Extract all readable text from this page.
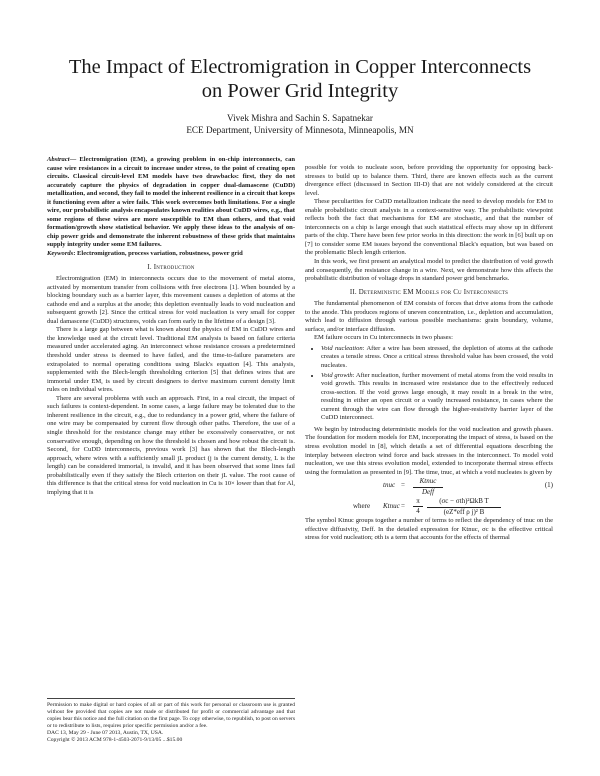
The Impact of Electromigration in Copper Interconnects
on Power Grid Integrity
Vivek Mishra and Sachin S. Sapatnekar
ECE Department, University of Minnesota, Minneapolis, MN
Abstract— Electromigration (EM), a growing problem in on-chip interconnects, can cause wire resistances in a circuit to increase under stress, to the point of creating open circuits. Classical circuit-level EM models have two drawbacks: first, they do not accurately capture the physics of degradation in copper dual-damascene (CuDD) metallization, and second, they fail to model the inherent resilience in a circuit that keeps it functioning even after a wire fails. This work overcomes both limitations. For a single wire, our probabilistic analysis encapsulates known realities about CuDD wires, e.g., that some regions of these wires are more susceptible to EM than others, and that void formation/growth show statistical behavior. We apply these ideas to the analysis of on-chip power grids and demonstrate the inherent robustness of these grids that maintains supply integrity under some EM failures.
Keywords: Electromigration, process variation, robustness, power grid
I. Introduction

Electromigration (EM) in interconnects occurs due to the movement of metal atoms, activated by momentum transfer from collisions with free electrons [1]. When bounded by a blocking boundary such as a barrier layer, this movement causes a depletion of atoms at the cathode end and a surplus at the anode; this depletion eventually leads to void nucleation and subsequent growth [2]. Since the critical stress for void nucleation is very small for copper dual damascene (CuDD) structures, voids can form early in the lifetime of a design [3].

There is a large gap between what is known about the physics of EM in CuDD wires and the knowledge used at the circuit level. Traditional EM analysis is based on failure criteria measured under accelerated aging. An interconnect whose resistance crosses a predetermined threshold under stress is deemed to have failed, and the time-to-failure parameters are extrapolated to normal operating conditions using Black's equation [4]. This analysis, supplemented with the Blech-length thresholding criterion [5] that defines wires that are immortal under EM, is used by circuit designers to derive maximum current density limit rules on individual wires.

There are several problems with such an approach. First, in a real circuit, the impact of such failures is context-dependent. In some cases, a large failure may be tolerated due to the inherent resilience in the circuit, e.g., due to redundancy in a power grid, where the failure of one wire may be compensated by current flow through other paths. Therefore, the use of a single threshold for the resistance change may either be excessively conservative, or not conservative enough, depending on how the threshold is chosen and how robust the circuit is. Second, for CuDD interconnects, previous work [3] has shown that the Blech-length approach, where wires with a sufficiently small jL product (j is the current density, L is the length) can be considered immortal, is invalid, and it has been observed that some lines fail probabilistically even if they satisfy the Blech criterion on their jL value. The root cause of this difference is that the critical stress for void nucleation in Cu is 10× lower than that for Al, implying that it is

Permission to make digital or hard copies of all or part of this work for personal or classroom use is granted without fee provided that copies are not made or distributed for profit or commercial advantage and that copies bear this notice and the full citation on the first page. To copy otherwise, to republish, to post on servers or to redistribute to lists, requires prior specific permission and/or a fee.
DAC 13, May 29 - June 07 2013, Austin, TX, USA.
Copyright © 2013 ACM 978-1-4503-2071-9/13/05 ...$15.00

possible for voids to nucleate soon, before providing the opportunity for opposing back-stresses to build up to balance them. Third, there are known effects such as the current divergence effect (discussed in Section III-D) that are not widely considered at the circuit level.

These peculiarities for CuDD metallization indicate the need to develop models for EM to enable probabilistic circuit analysis in a context-sensitive way. The probabilistic viewpoint reflects both the fact that mechanisms for EM are stochastic, and that the number of interconnects on a chip is large enough that such statistical effects may show up in different parts of the chip. There have been few prior works in this direction: the work in [6] built up on [7] to consider some EM issues beyond the conventional Black's equation, but was based on the problematic Blech length criterion.

In this work, we first present an analytical model to predict the distribution of void growth and consequently, the resistance change in a wire. Next, we demonstrate how this affects the probabilistic distribution of voltage drops in standard power grid benchmarks.

II. Deterministic EM Models for Cu Interconnects

The fundamental phenomenon of EM consists of forces that drive atoms from the cathode to the anode. This produces regions of uneven concentration, i.e., depletion and accumulation, which lead to diffusion through various possible mechanisms: grain boundary, volume, surface, and/or interface diffusion.

EM failure occurs in Cu interconnects in two phases:

• Void nucleation: After a wire has been stressed, the depletion of atoms at the cathode creates a tensile stress. Once a critical stress threshold value has been crossed, the void nucleates.
• Void growth: After nucleation, further movement of metal atoms from the void results in void growth. This results in increased wire resistance due to the effectively reduced cross-section. If the void grows large enough, it may result in a break in the wire, resulting in either an open circuit or a vastly increased resistance, in cases where the current through the wire can flow through the higher-resistivity barrier layer of the CuDD interconnect.

We begin by introducing deterministic models for the void nucleation and growth phases. The foundation for modern models for EM, incorporating the impact of stress, is based on the stress evolution model in [8], which details a set of differential equations describing the interplay between electron wind force and back stresses in the interconnect. To model void nucleation, we use this stress evolution model, extended to incorporate thermal stress effects using the formulation as presented in [9]. The time, tnuc, at which a void nucleates is given by

tnuc =	Ktnuc
Deff
(1)
where Ktnuc = $\frac{\pi}{4}$	(σc − σth)²ΩkB T
(eZ*eff ρ j)² B

The symbol Ktnuc groups together a number of terms to reflect the dependency of tnuc on the effective diffusivity, Deff. In the detailed expression for Ktnuc, σc is the effective critical stress for void nucleation; σth is a term that accounts for the effects of thermal
